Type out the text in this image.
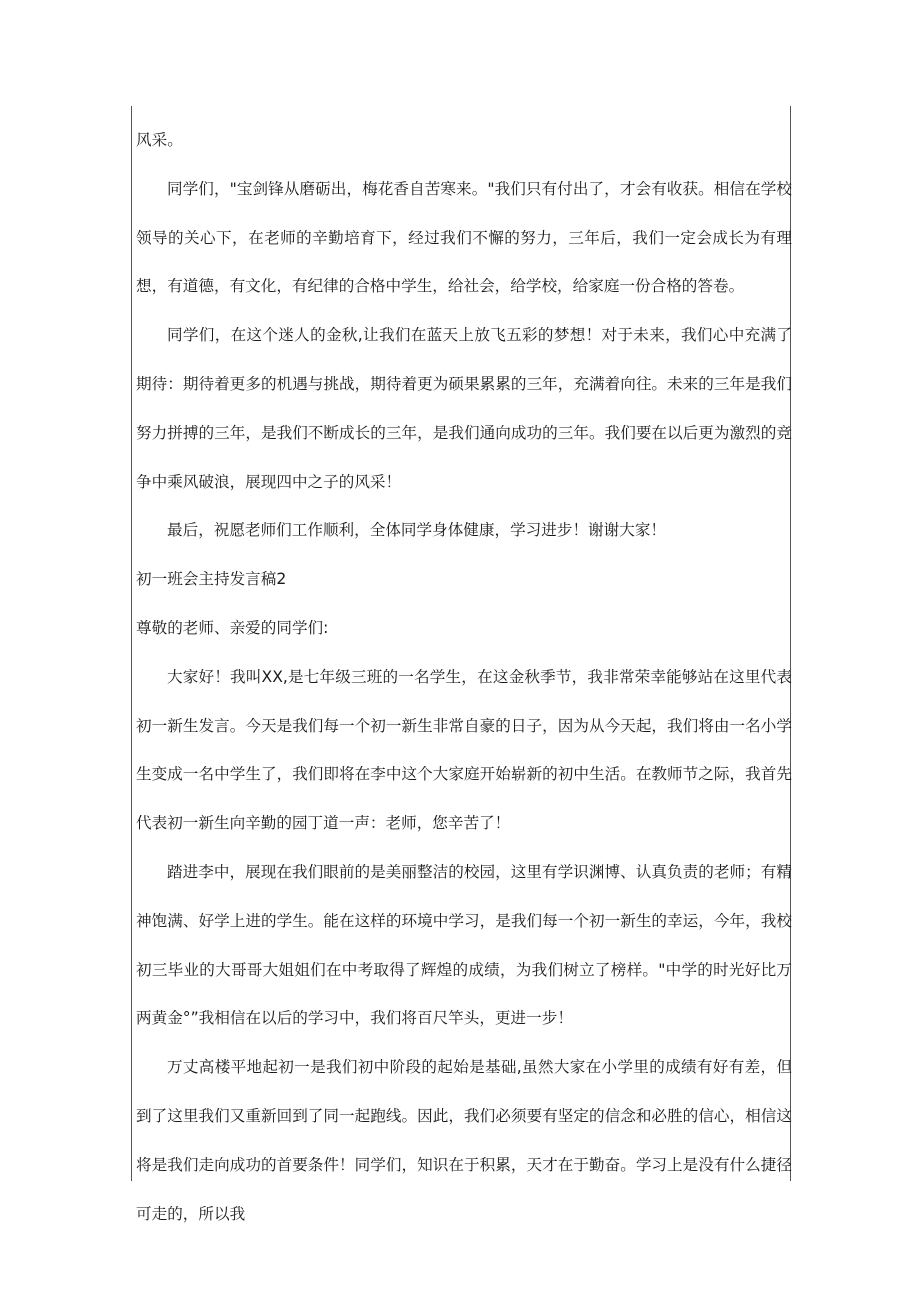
风采。

同学们，"宝剑锋从磨砺出，梅花香自苦寒来。"我们只有付出了，才会有收获。相信在学校领导的关心下，在老师的辛勤培育下，经过我们不懈的努力，三年后，我们一定会成长为有理想，有道德，有文化，有纪律的合格中学生，给社会，给学校，给家庭一份合格的答卷。

同学们，在这个迷人的金秋,让我们在蓝天上放飞五彩的梦想！对于未来，我们心中充满了期待：期待着更多的机遇与挑战，期待着更为硕果累累的三年，充满着向往。未来的三年是我们努力拼搏的三年，是我们不断成长的三年，是我们通向成功的三年。我们要在以后更为激烈的竞争中乘风破浪，展现四中之子的风采！

最后，祝愿老师们工作顺利，全体同学身体健康，学习进步！谢谢大家！

初一班会主持发言稿2

尊敬的老师、亲爱的同学们:

大家好！我叫XX,是七年级三班的一名学生，在这金秋季节，我非常荣幸能够站在这里代表初一新生发言。今天是我们每一个初一新生非常自豪的日子，因为从今天起，我们将由一名小学生变成一名中学生了，我们即将在李中这个大家庭开始崭新的初中生活。在教师节之际，我首先代表初一新生向辛勤的园丁道一声：老师，您辛苦了！

踏进李中，展现在我们眼前的是美丽整洁的校园，这里有学识渊博、认真负责的老师；有精神饱满、好学上进的学生。能在这样的环境中学习，是我们每一个初一新生的幸运，今年，我校初三毕业的大哥哥大姐姐们在中考取得了辉煌的成绩，为我们树立了榜样。"中学的时光好比万两黄金°”我相信在以后的学习中，我们将百尺竿头，更进一步！

万丈高楼平地起初一是我们初中阶段的起始是基础,虽然大家在小学里的成绩有好有差，但到了这里我们又重新回到了同一起跑线。因此，我们必须要有坚定的信念和必胜的信心，相信这将是我们走向成功的首要条件！同学们，知识在于积累，天才在于勤奋。学习上是没有什么捷径可走的，所以我
